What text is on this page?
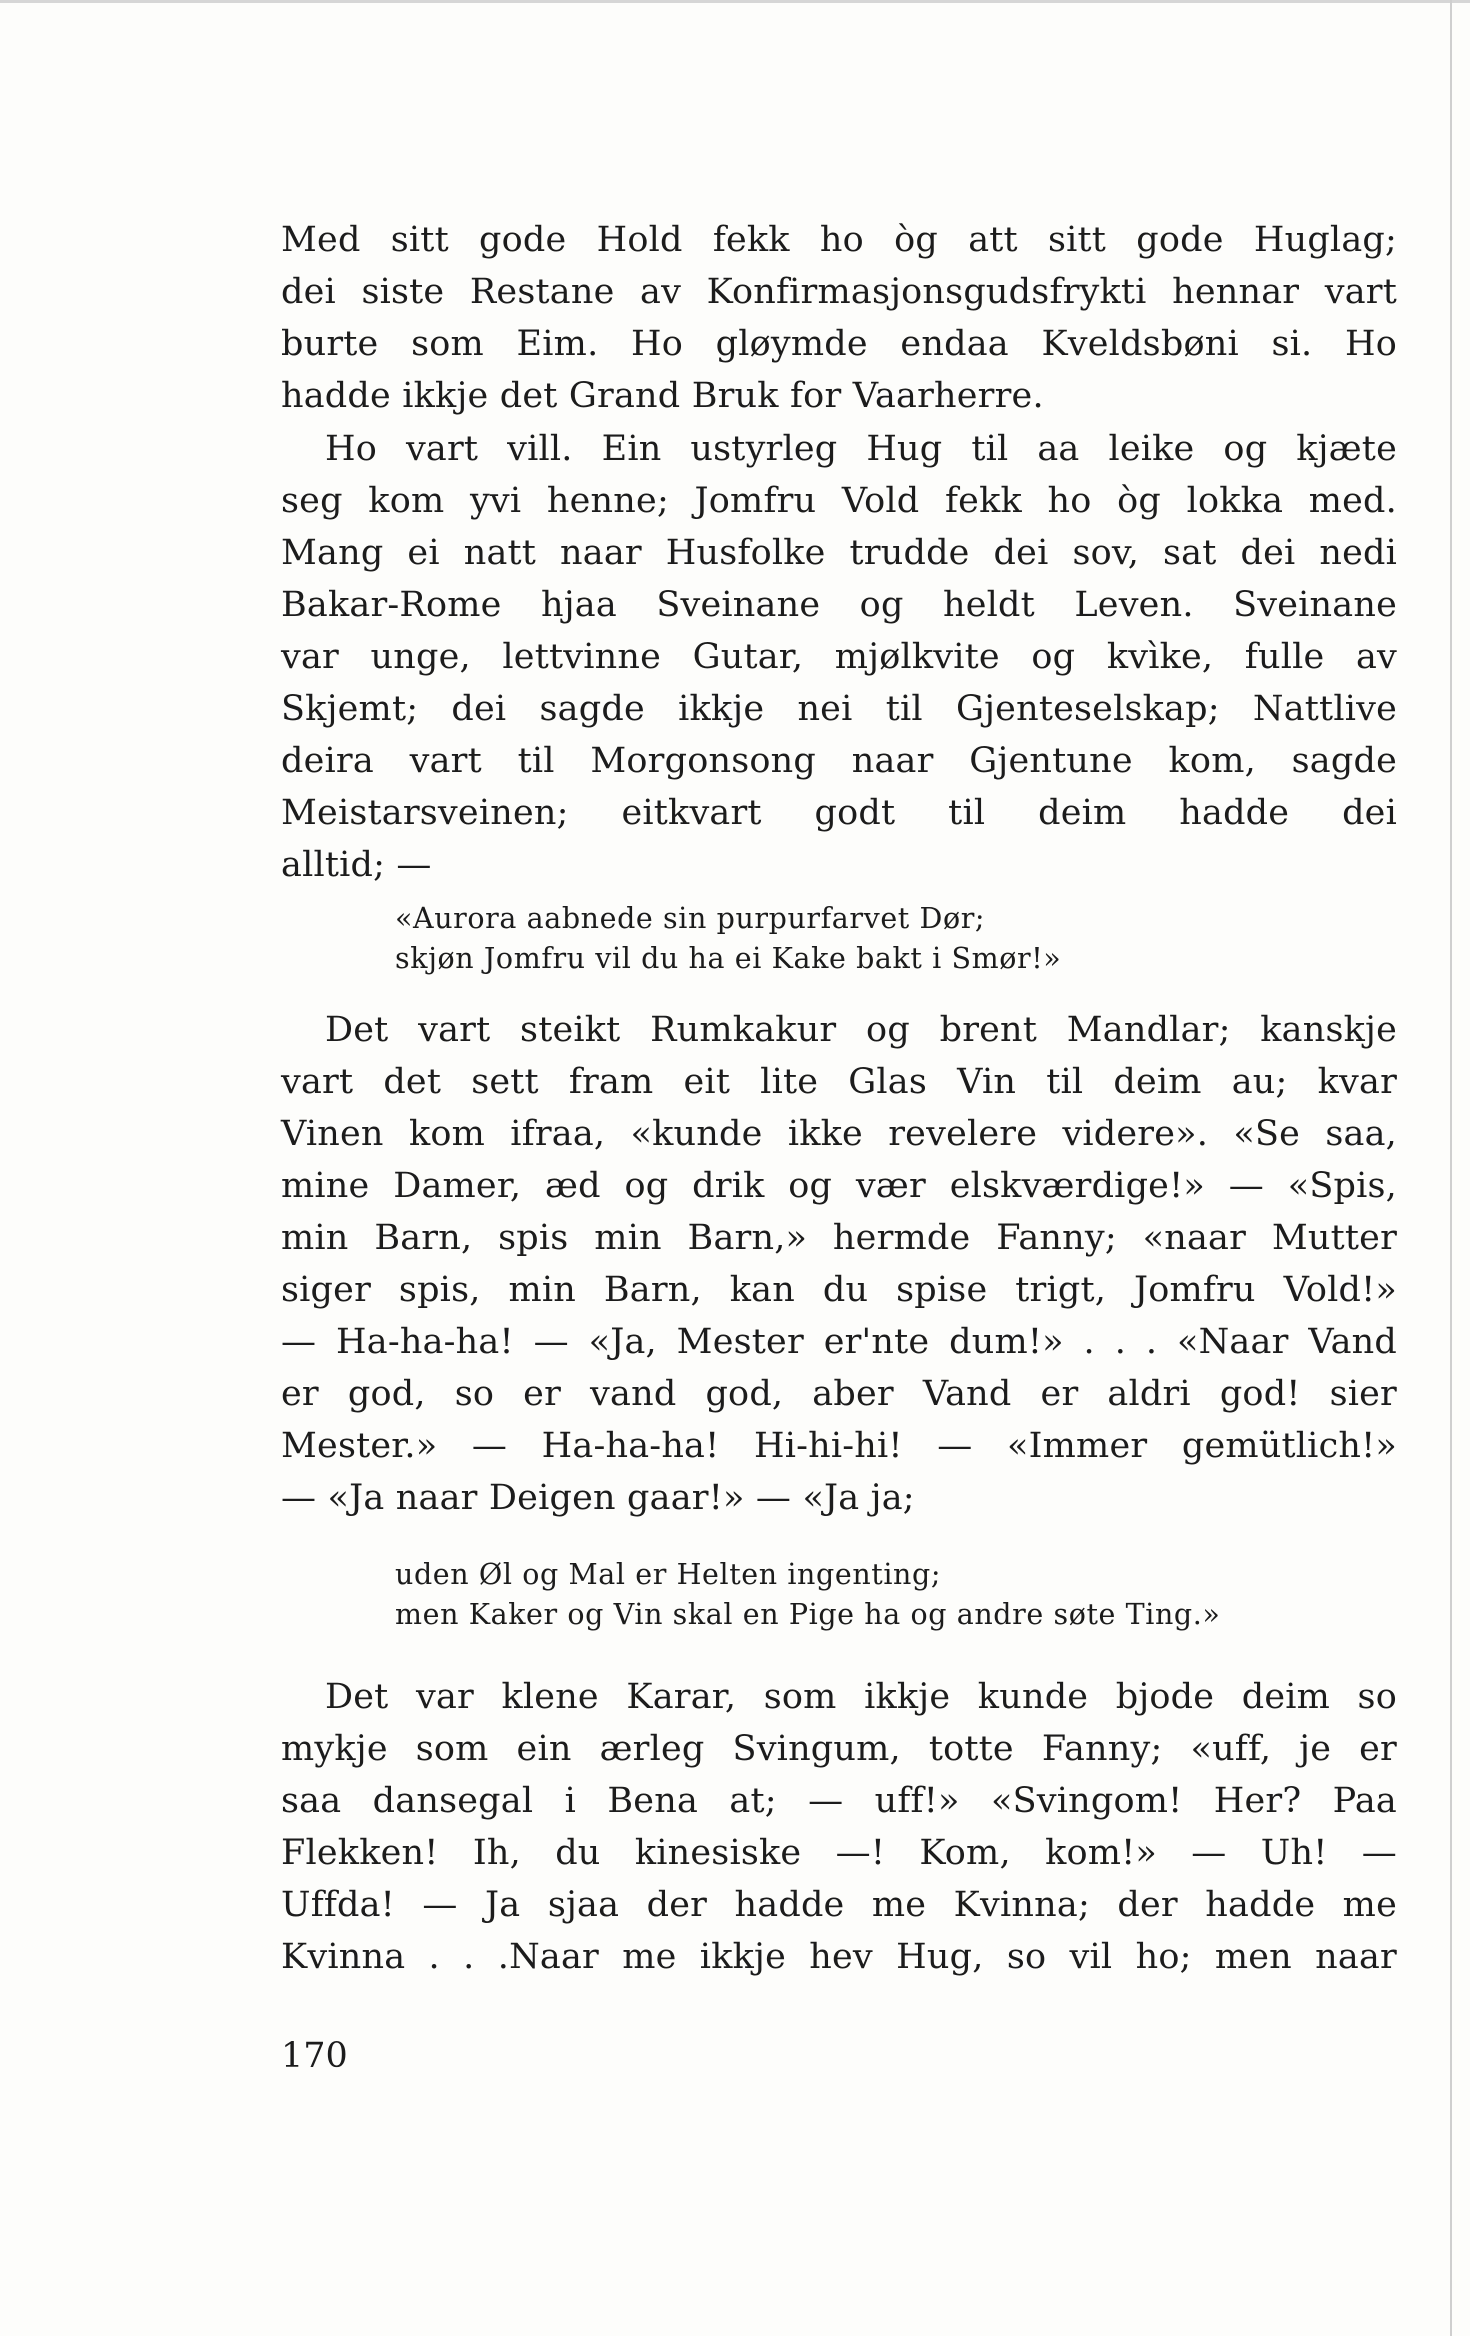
Med sitt gode Hold fekk ho òg att sitt gode Huglag;
dei siste Restane av Konfirmasjonsgudsfrykti hennar vart
burte som Eim. Ho gløymde endaa Kveldsbøni si. Ho
hadde ikkje det Grand Bruk for Vaarherre.
Ho vart vill. Ein ustyrleg Hug til aa leike og kjæte
seg kom yvi henne; Jomfru Vold fekk ho òg lokka med.
Mang ei natt naar Husfolke trudde dei sov, sat dei nedi
Bakar-Rome hjaa Sveinane og heldt Leven. Sveinane
var unge, lettvinne Gutar, mjølkvite og kvìke, fulle av
Skjemt; dei sagde ikkje nei til Gjenteselskap; Nattlive
deira vart til Morgonsong naar Gjentune kom, sagde
Meistarsveinen; eitkvart godt til deim hadde dei
alltid; —
«Aurora aabnede sin purpurfarvet Dør;
skjøn Jomfru vil du ha ei Kake bakt i Smør!»
Det vart steikt Rumkakur og brent Mandlar; kanskje
vart det sett fram eit lite Glas Vin til deim au; kvar
Vinen kom ifraa, «kunde ikke revelere videre». «Se saa,
mine Damer, æd og drik og vær elskværdige!» — «Spis,
min Barn, spis min Barn,» hermde Fanny; «naar Mutter
siger spis, min Barn, kan du spise trigt, Jomfru Vold!»
— Ha-ha-ha! — «Ja, Mester er'nte dum!» . . . «Naar Vand
er god, so er vand god, aber Vand er aldri god! sier
Mester.» — Ha-ha-ha! Hi-hi-hi! — «Immer gemütlich!»
— «Ja naar Deigen gaar!» — «Ja ja;
uden Øl og Mal er Helten ingenting;
men Kaker og Vin skal en Pige ha og andre søte Ting.»
Det var klene Karar, som ikkje kunde bjode deim so
mykje som ein ærleg Svingum, totte Fanny; «uff, je er
saa dansegal i Bena at; — uff!» «Svingom! Her? Paa
Flekken! Ih, du kinesiske —! Kom, kom!» — Uh! —
Uffda! — Ja sjaa der hadde me Kvinna; der hadde me
Kvinna . . .Naar me ikkje hev Hug, so vil ho; men naar
170
